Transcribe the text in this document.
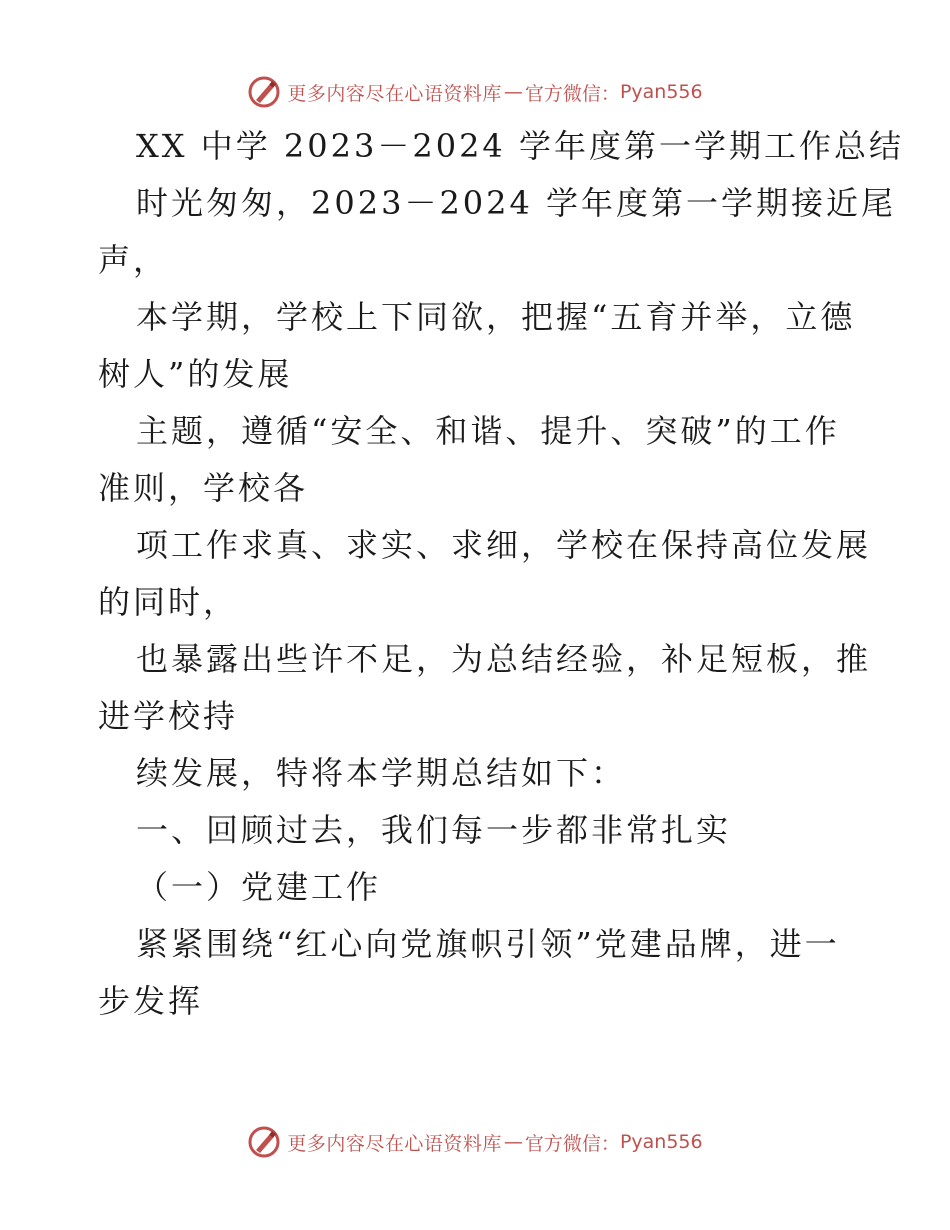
更多内容尽在心语资料库 — 官方微信： Pyan556
XX 中学 2023－2024 学年度第一学期工作总结
时光匆匆，2023－2024 学年度第一学期接近尾
声，
本学期，学校上下同欲，把握“五育并举，立德
树人”的发展
主题，遵循“安全、和谐、提升、突破”的工作
准则，学校各
项工作求真、求实、求细，学校在保持高位发展
的同时，
也暴露出些许不足，为总结经验，补足短板，推
进学校持
续发展，特将本学期总结如下：
一、回顾过去，我们每一步都非常扎实
（一）党建工作
紧紧围绕“红心向党旗帜引领”党建品牌，进一
步发挥
更多内容尽在心语资料库 — 官方微信： Pyan556
